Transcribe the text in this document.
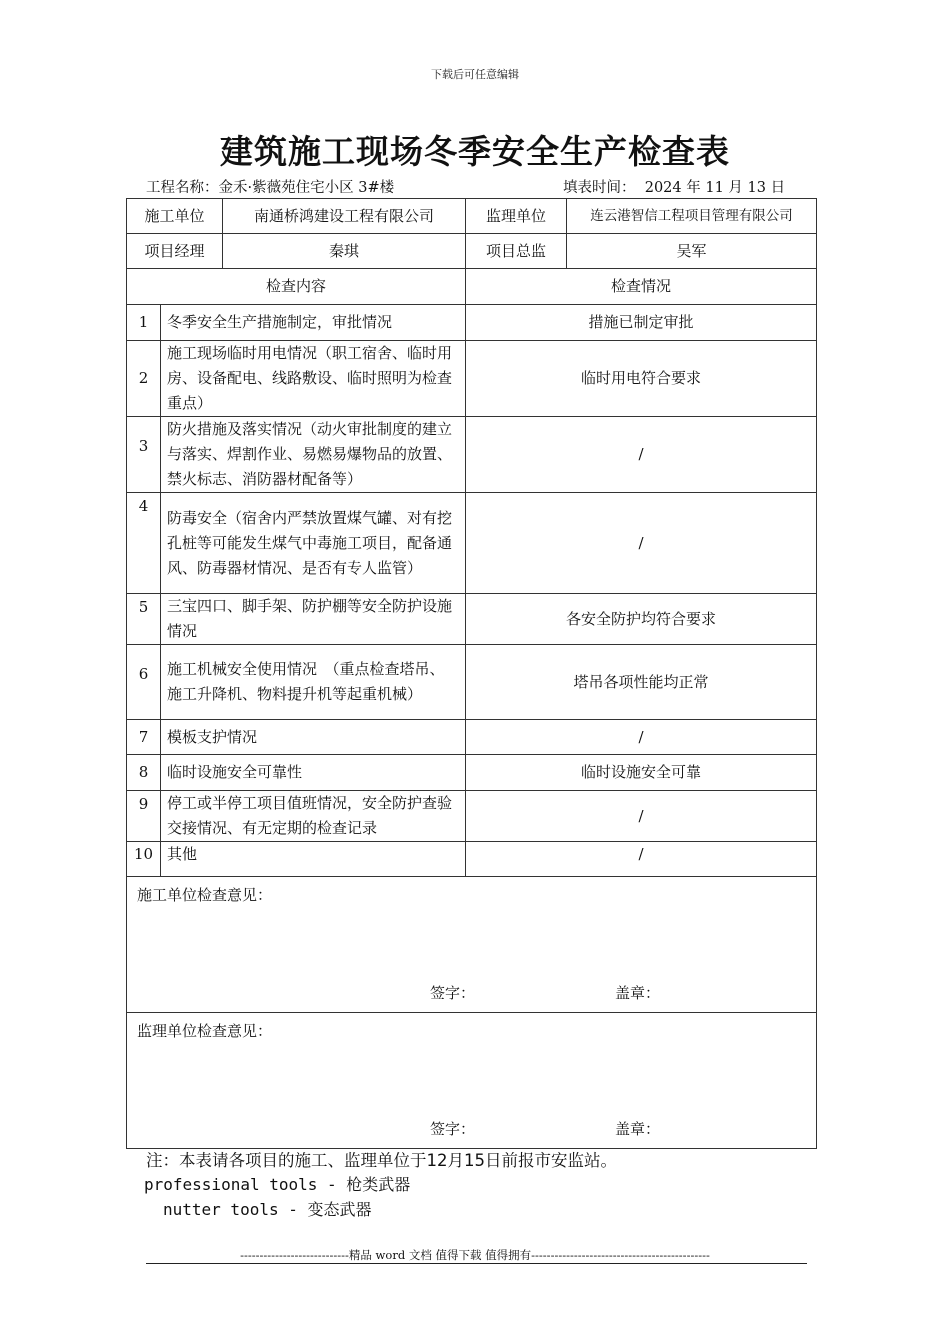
下载后可任意编辑
建筑施工现场冬季安全生产检查表
工程名称：金禾·紫薇苑住宅小区 3#楼	填表时间： 2024 年 11 月 13 日
施工单位		南通桥鸿建设工程有限公司	监理单位	连云港智信工程项目管理有限公司
项目经理		秦琪	项目总监	吴军
检查内容			检查情况	
1	冬季安全生产措施制定，审批情况		措施已制定审批	
2	施工现场临时用电情况（职工宿舍、临时用房、设备配电、线路敷设、临时照明为检查重点）		临时用电符合要求	
3	防火措施及落实情况（动火审批制度的建立与落实、焊割作业、易燃易爆物品的放置、禁火标志、消防器材配备等）		/	
4	防毒安全（宿舍内严禁放置煤气罐、对有挖孔桩等可能发生煤气中毒施工项目，配备通风、防毒器材情况、是否有专人监管）		/	
5	三宝四口、脚手架、防护棚等安全防护设施情况		各安全防护均符合要求	
6	施工机械安全使用情况　（重点检查塔吊、施工升降机、物料提升机等起重机械）		塔吊各项性能均正常	
7	模板支护情况		/	
8	临时设施安全可靠性		临时设施安全可靠	
9	停工或半停工项目值班情况，安全防护查验交接情况、有无定期的检查记录		/	
10	其他		/	

施工单位检查意见：
签字： 盖章：				

监理单位检查意见：
签字： 盖章：				
注：本表请各项目的施工、监理单位于12月15日前报市安监站。
professional tools - 枪类武器
nutter tools - 变态武器
----------------------------精品 word 文档 值得下载 值得拥有----------------------------------------------
